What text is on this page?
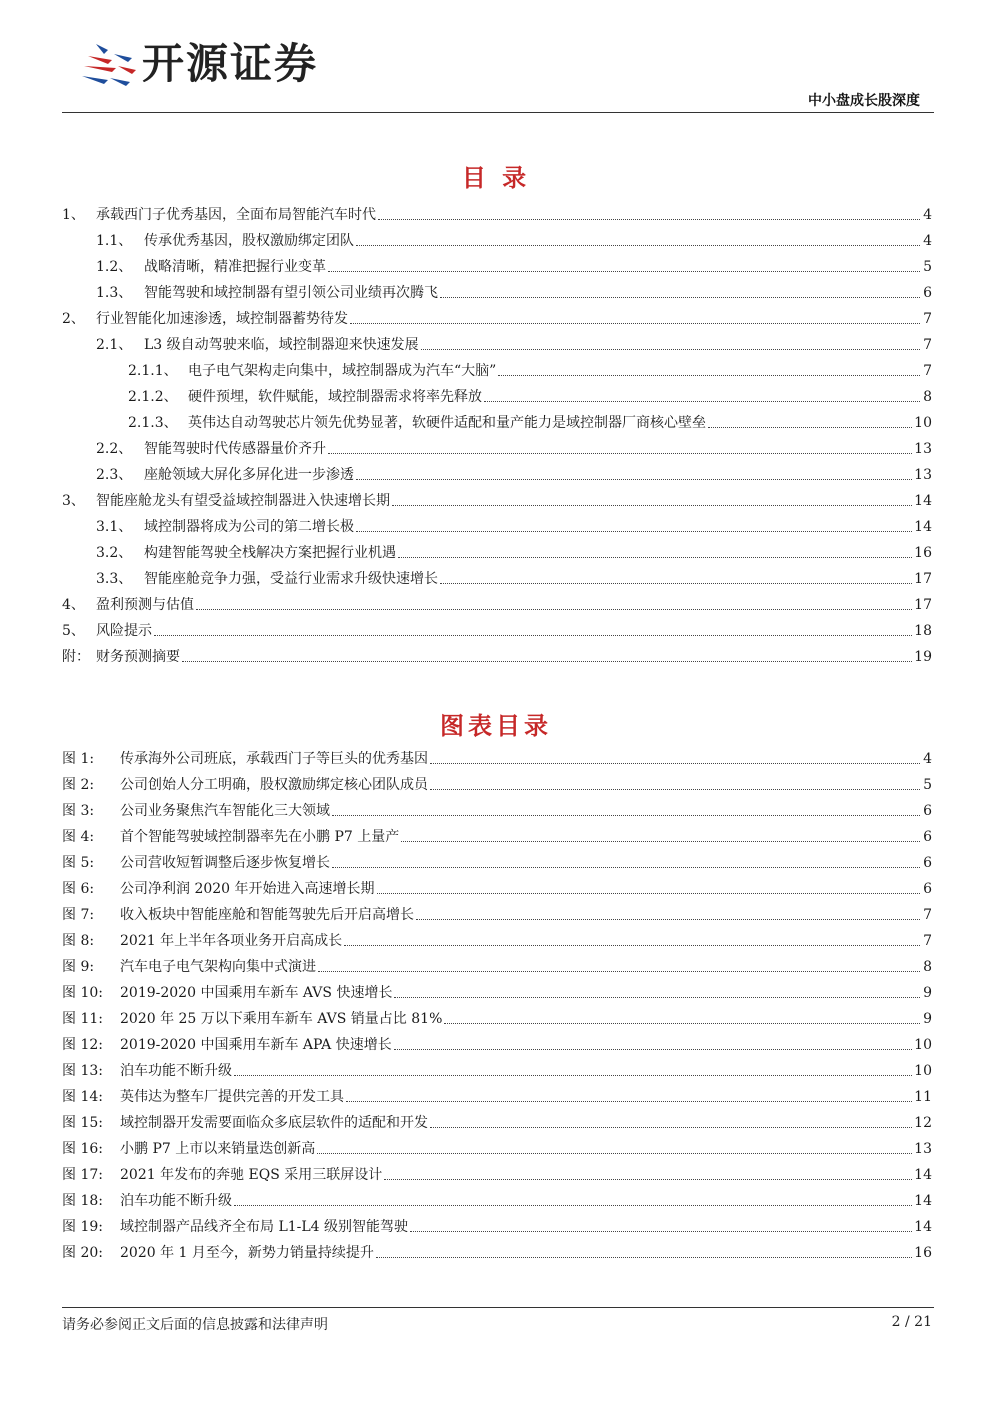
开源证券
中小盘成长股深度
目 录
1、 承载西门子优秀基因，全面布局智能汽车时代	4
1.1、 传承优秀基因，股权激励绑定团队	4
1.2、 战略清晰，精准把握行业变革	5
1.3、 智能驾驶和域控制器有望引领公司业绩再次腾飞	6
2、 行业智能化加速渗透，域控制器蓄势待发	7
2.1、 L3 级自动驾驶来临，域控制器迎来快速发展	7
2.1.1、 电子电气架构走向集中，域控制器成为汽车“大脑”	7
2.1.2、 硬件预埋，软件赋能，域控制器需求将率先释放	8
2.1.3、 英伟达自动驾驶芯片领先优势显著，软硬件适配和量产能力是域控制器厂商核心壁垒	10
2.2、 智能驾驶时代传感器量价齐升	13
2.3、 座舱领域大屏化多屏化进一步渗透	13
3、 智能座舱龙头有望受益域控制器进入快速增长期	14
3.1、 域控制器将成为公司的第二增长极	14
3.2、 构建智能驾驶全栈解决方案把握行业机遇	16
3.3、 智能座舱竞争力强，受益行业需求升级快速增长	17
4、 盈利预测与估值	17
5、 风险提示	18
附： 财务预测摘要	19
图表目录
图 1:	传承海外公司班底，承载西门子等巨头的优秀基因	4
图 2:	公司创始人分工明确，股权激励绑定核心团队成员	5
图 3:	公司业务聚焦汽车智能化三大领域	6
图 4:	首个智能驾驶域控制器率先在小鹏 P7 上量产	6
图 5:	公司营收短暂调整后逐步恢复增长	6
图 6:	公司净利润 2020 年开始进入高速增长期	6
图 7:	收入板块中智能座舱和智能驾驶先后开启高增长	7
图 8:	2021 年上半年各项业务开启高成长	7
图 9:	汽车电子电气架构向集中式演进	8
图 10:	2019-2020 中国乘用车新车 AVS 快速增长	9
图 11:	2020 年 25 万以下乘用车新车 AVS 销量占比 81%	9
图 12:	2019-2020 中国乘用车新车 APA 快速增长	10
图 13:	泊车功能不断升级	10
图 14:	英伟达为整车厂提供完善的开发工具	11
图 15:	域控制器开发需要面临众多底层软件的适配和开发	12
图 16:	小鹏 P7 上市以来销量迭创新高	13
图 17:	2021 年发布的奔驰 EQS 采用三联屏设计	14
图 18:	泊车功能不断升级	14
图 19:	域控制器产品线齐全布局 L1-L4 级别智能驾驶	14
图 20:	2020 年 1 月至今，新势力销量持续提升	16
请务必参阅正文后面的信息披露和法律声明	2 / 21
